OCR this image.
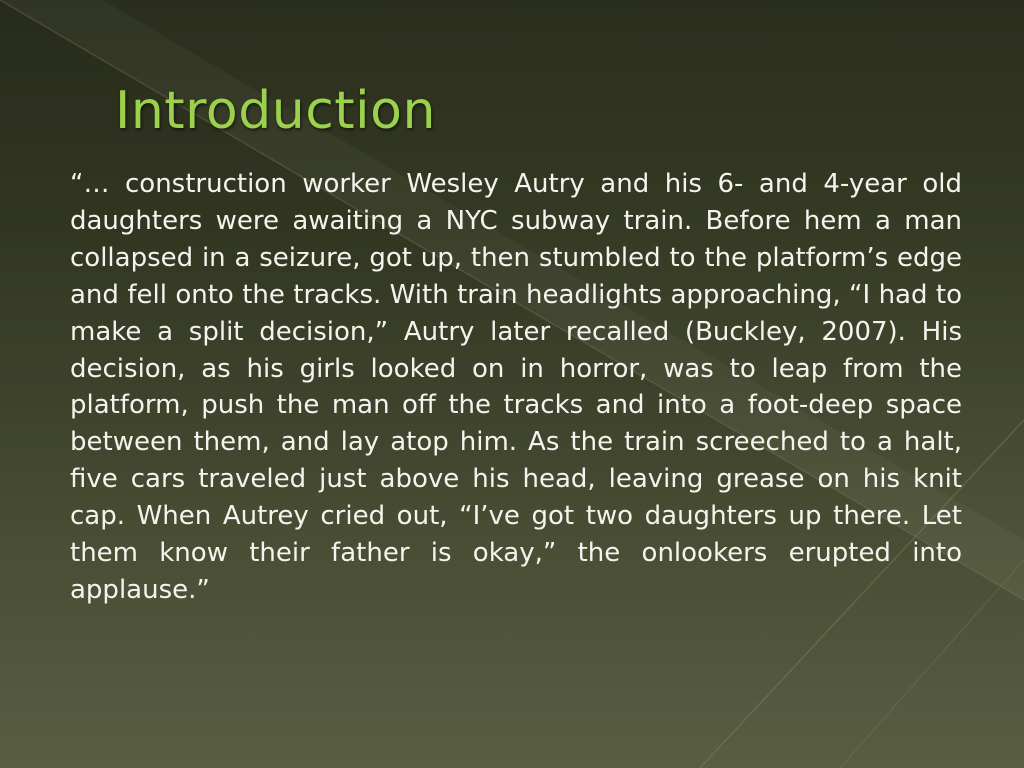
Introduction

“… construction worker Wesley Autry and his 6- and 4-year old daughters were awaiting a NYC subway train. Before hem a man collapsed in a seizure, got up, then stumbled to the platform’s edge and fell onto the tracks. With train headlights approaching, “I had to make a split decision,” Autry later recalled (Buckley, 2007). His decision, as his girls looked on in horror, was to leap from the platform, push the man off the tracks and into a foot-deep space between them, and lay atop him. As the train screeched to a halt, five cars traveled just above his head, leaving grease on his knit cap. When Autrey cried out, “I’ve got two daughters up there. Let them know their father is okay,” the onlookers erupted into applause.”
